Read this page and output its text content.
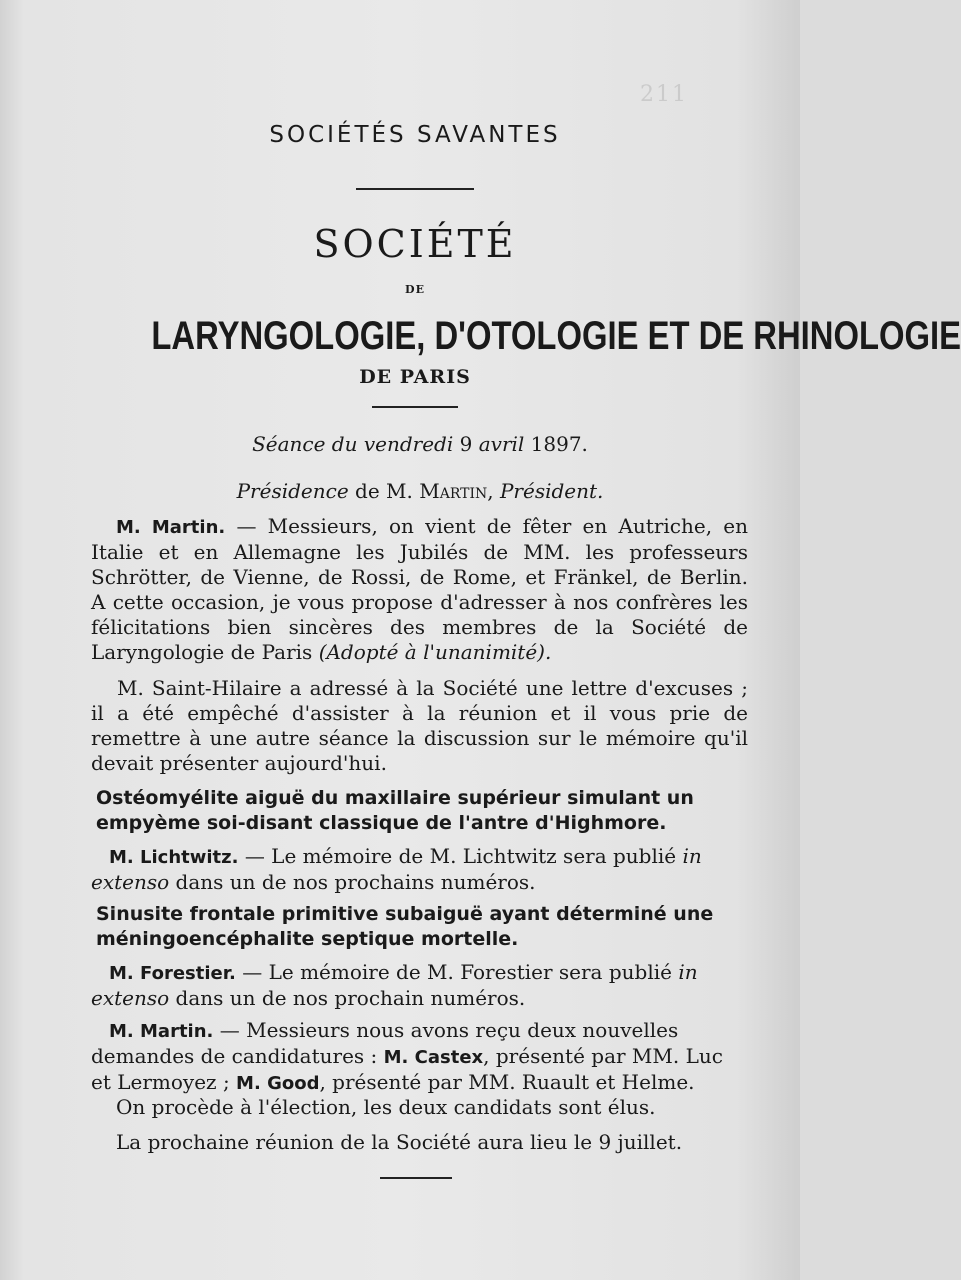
211
SOCIÉTÉS SAVANTES
SOCIÉTÉ
DE
LARYNGOLOGIE, D'OTOLOGIE ET DE RHINOLOGIE
DE PARIS
Séance du vendredi 9 avril 1897.
Présidence de M. Martin, Président.
M. Martin. — Messieurs, on vient de fêter en Autriche, en Italie et en Allemagne les Jubilés de MM. les professeurs Schrötter, de Vienne, de Rossi, de Rome, et Fränkel, de Berlin. A cette occasion, je vous propose d'adresser à nos confrères les félicitations bien sincères des membres de la Société de Laryngologie de Paris (Adopté à l'unanimité).
M. Saint-Hilaire a adressé à la Société une lettre d'excuses ; il a été empêché d'assister à la réunion et il vous prie de remettre à une autre séance la discussion sur le mémoire qu'il devait présenter aujourd'hui.
Ostéomyélite aiguë du maxillaire supérieur simulant un empyème soi-disant classique de l'antre d'Highmore.
M. Lichtwitz. — Le mémoire de M. Lichtwitz sera publié in extenso dans un de nos prochains numéros.
Sinusite frontale primitive subaiguë ayant déterminé une méningoencéphalite septique mortelle.
M. Forestier. — Le mémoire de M. Forestier sera publié in extenso dans un de nos prochain numéros.
M. Martin. — Messieurs nous avons reçu deux nouvelles demandes de candidatures : M. Castex, présenté par MM. Luc et Lermoyez ; M. Good, présenté par MM. Ruault et Helme.
On procède à l'élection, les deux candidats sont élus.
La prochaine réunion de la Société aura lieu le 9 juillet.
